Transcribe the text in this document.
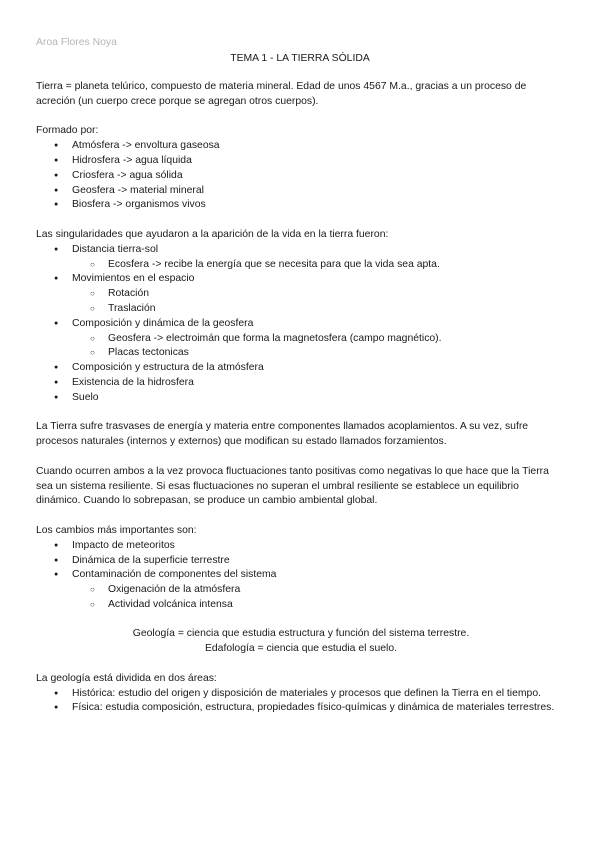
Aroa Flores Noya
TEMA 1 - LA TIERRA SÓLIDA

Tierra = planeta telúrico, compuesto de materia mineral. Edad de unos 4567 M.a., gracias a un proceso de acreción (un cuerpo crece porque se agregan otros cuerpos).

Formado por:

● Atmósfera -> envoltura gaseosa
● Hidrosfera -> agua líquida
● Criosfera -> agua sólida
● Geosfera -> material mineral
● Biosfera -> organismos vivos

Las singularidades que ayudaron a la aparición de la vida en la tierra fueron:

● Distancia tierra-sol
○ Ecosfera -> recibe la energía que se necesita para que la vida sea apta.
● Movimientos en el espacio
○ Rotación
○ Traslación
● Composición y dinámica de la geosfera
○ Geosfera -> electroimán que forma la magnetosfera (campo magnético).
○ Placas tectonicas
● Composición y estructura de la atmósfera
● Existencia de la hidrosfera
● Suelo

La Tierra sufre trasvases de energía y materia entre componentes llamados acoplamientos. A su vez, sufre procesos naturales (internos y externos) que modifican su estado llamados forzamientos.

Cuando ocurren ambos a la vez provoca fluctuaciones tanto positivas como negativas lo que hace que la Tierra sea un sistema resiliente. Si esas fluctuaciones no superan el umbral resiliente se establece un equilibrio dinámico. Cuando lo sobrepasan, se produce un cambio ambiental global.

Los cambios más importantes son:

● Impacto de meteoritos
● Dinámica de la superficie terrestre
● Contaminación de componentes del sistema
○ Oxigenación de la atmósfera
○ Actividad volcánica intensa

Geología = ciencia que estudia estructura y función del sistema terrestre.

Edafología = ciencia que estudia el suelo.

La geología está dividida en dos áreas:

● Histórica: estudio del origen y disposición de materiales y procesos que definen la Tierra en el tiempo.
● Física: estudia composición, estructura, propiedades físico-químicas y dinámica de materiales terrestres.
